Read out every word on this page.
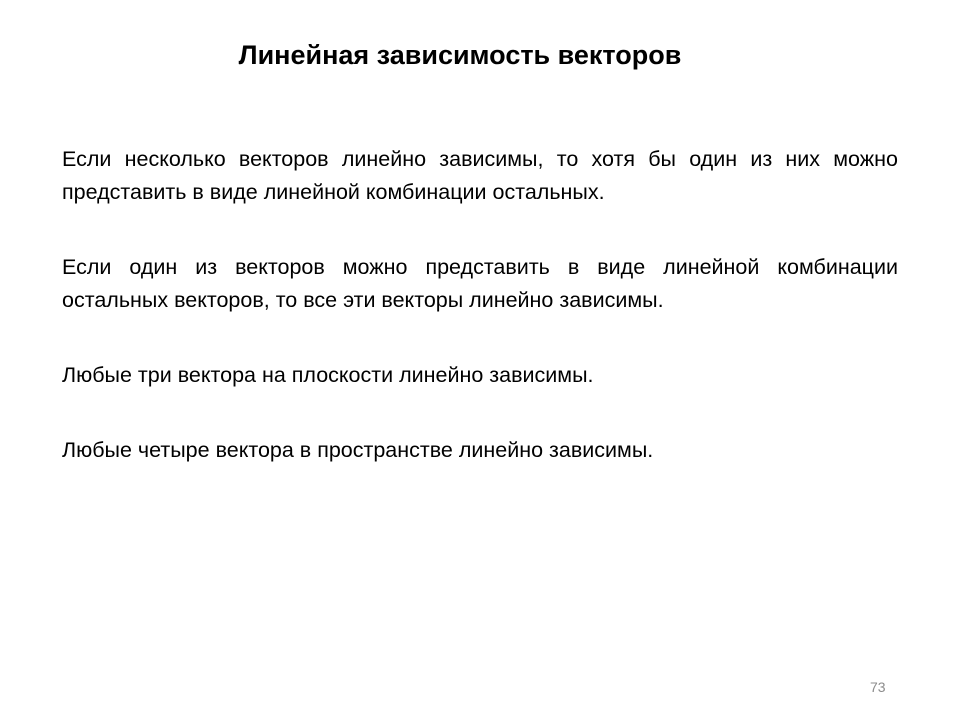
Линейная зависимость векторов

Если несколько векторов линейно зависимы, то хотя бы один из них можно представить в виде линейной комбинации остальных.

Если один из векторов можно представить в виде линейной комбинации остальных векторов, то все эти векторы линейно зависимы.

Любые три вектора на плоскости линейно зависимы.

Любые четыре вектора в пространстве линейно зависимы.

73
